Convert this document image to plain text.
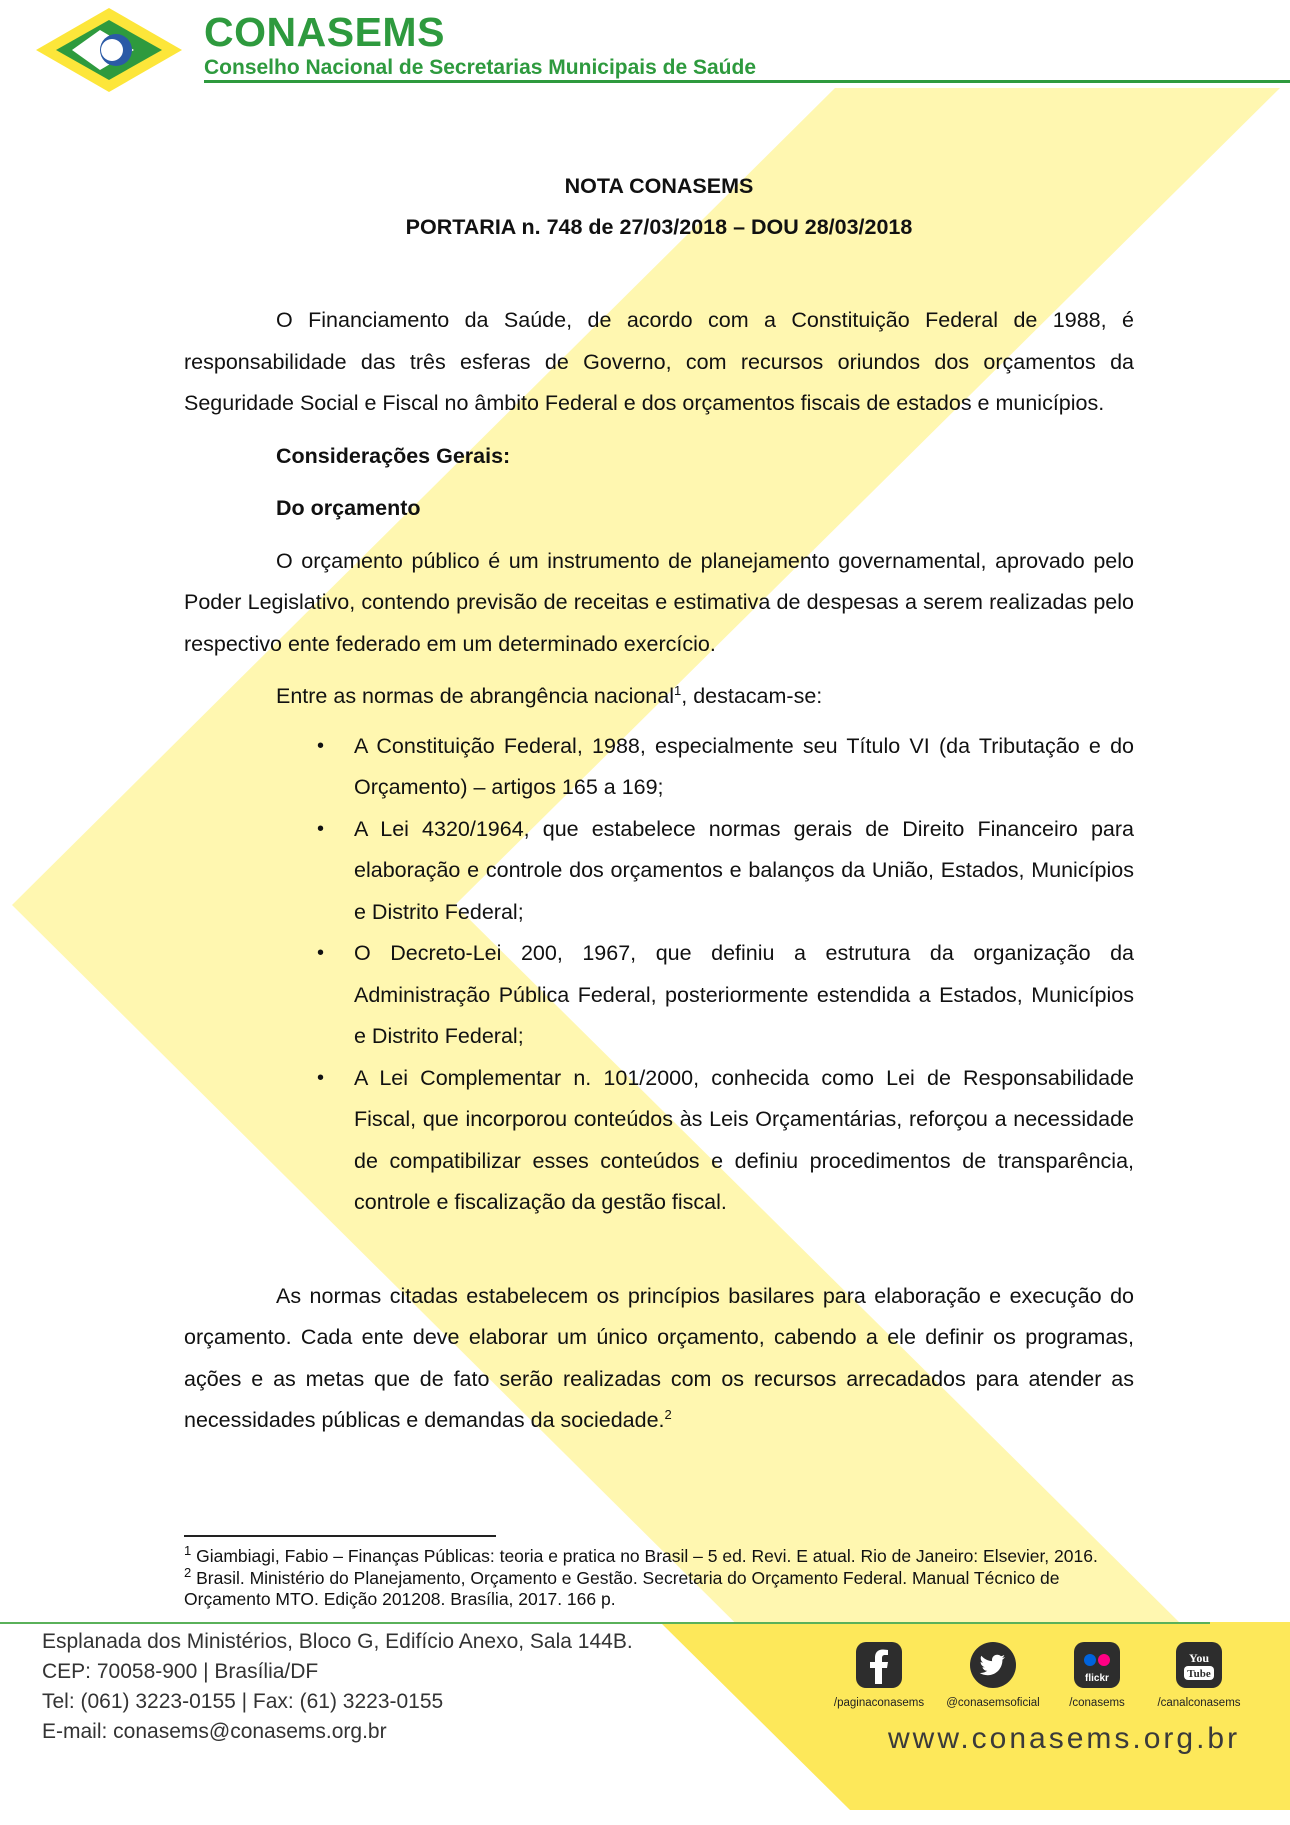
CONASEMS
Conselho Nacional de Secretarias Municipais de Saúde
NOTA CONASEMS
PORTARIA n. 748 de 27/03/2018 – DOU 28/03/2018

O Financiamento da Saúde, de acordo com a Constituição Federal de 1988, é responsabilidade das três esferas de Governo, com recursos oriundos dos orçamentos da Seguridade Social e Fiscal no âmbito Federal e dos orçamentos fiscais de estados e municípios.

Considerações Gerais:

Do orçamento

O orçamento público é um instrumento de planejamento governamental, aprovado pelo Poder Legislativo, contendo previsão de receitas e estimativa de despesas a serem realizadas pelo respectivo ente federado em um determinado exercício.

Entre as normas de abrangência nacional$^1$, destacam-se:

• A Constituição Federal, 1988, especialmente seu Título VI (da Tributação e do Orçamento) – artigos 165 a 169;
• A Lei 4320/1964, que estabelece normas gerais de Direito Financeiro para elaboração e controle dos orçamentos e balanços da União, Estados, Municípios e Distrito Federal;
• O Decreto-Lei 200, 1967, que definiu a estrutura da organização da Administração Pública Federal, posteriormente estendida a Estados, Municípios e Distrito Federal;
• A Lei Complementar n. 101/2000, conhecida como Lei de Responsabilidade Fiscal, que incorporou conteúdos às Leis Orçamentárias, reforçou a necessidade de compatibilizar esses conteúdos e definiu procedimentos de transparência, controle e fiscalização da gestão fiscal.

As normas citadas estabelecem os princípios basilares para elaboração e execução do orçamento. Cada ente deve elaborar um único orçamento, cabendo a ele definir os programas, ações e as metas que de fato serão realizadas com os recursos arrecadados para atender as necessidades públicas e demandas da sociedade.$^2$

$^1$ Giambiagi, Fabio – Finanças Públicas: teoria e pratica no Brasil – 5 ed. Revi. E atual. Rio de Janeiro: Elsevier, 2016.

$^2$ Brasil. Ministério do Planejamento, Orçamento e Gestão. Secretaria do Orçamento Federal. Manual Técnico de Orçamento MTO. Edição 201208. Brasília, 2017. 166 p.

Esplanada dos Ministérios, Bloco G, Edifício Anexo, Sala 144B.

CEP: 70058-900 | Brasília/DF

Tel: (061) 3223-0155 | Fax: (61) 3223-0155

E-mail: conasems@conasems.org.br

/paginaconasems	@conasemsoficial
flickr
/conasems
You
Tube
/canalconasems
www.conasems.org.br
